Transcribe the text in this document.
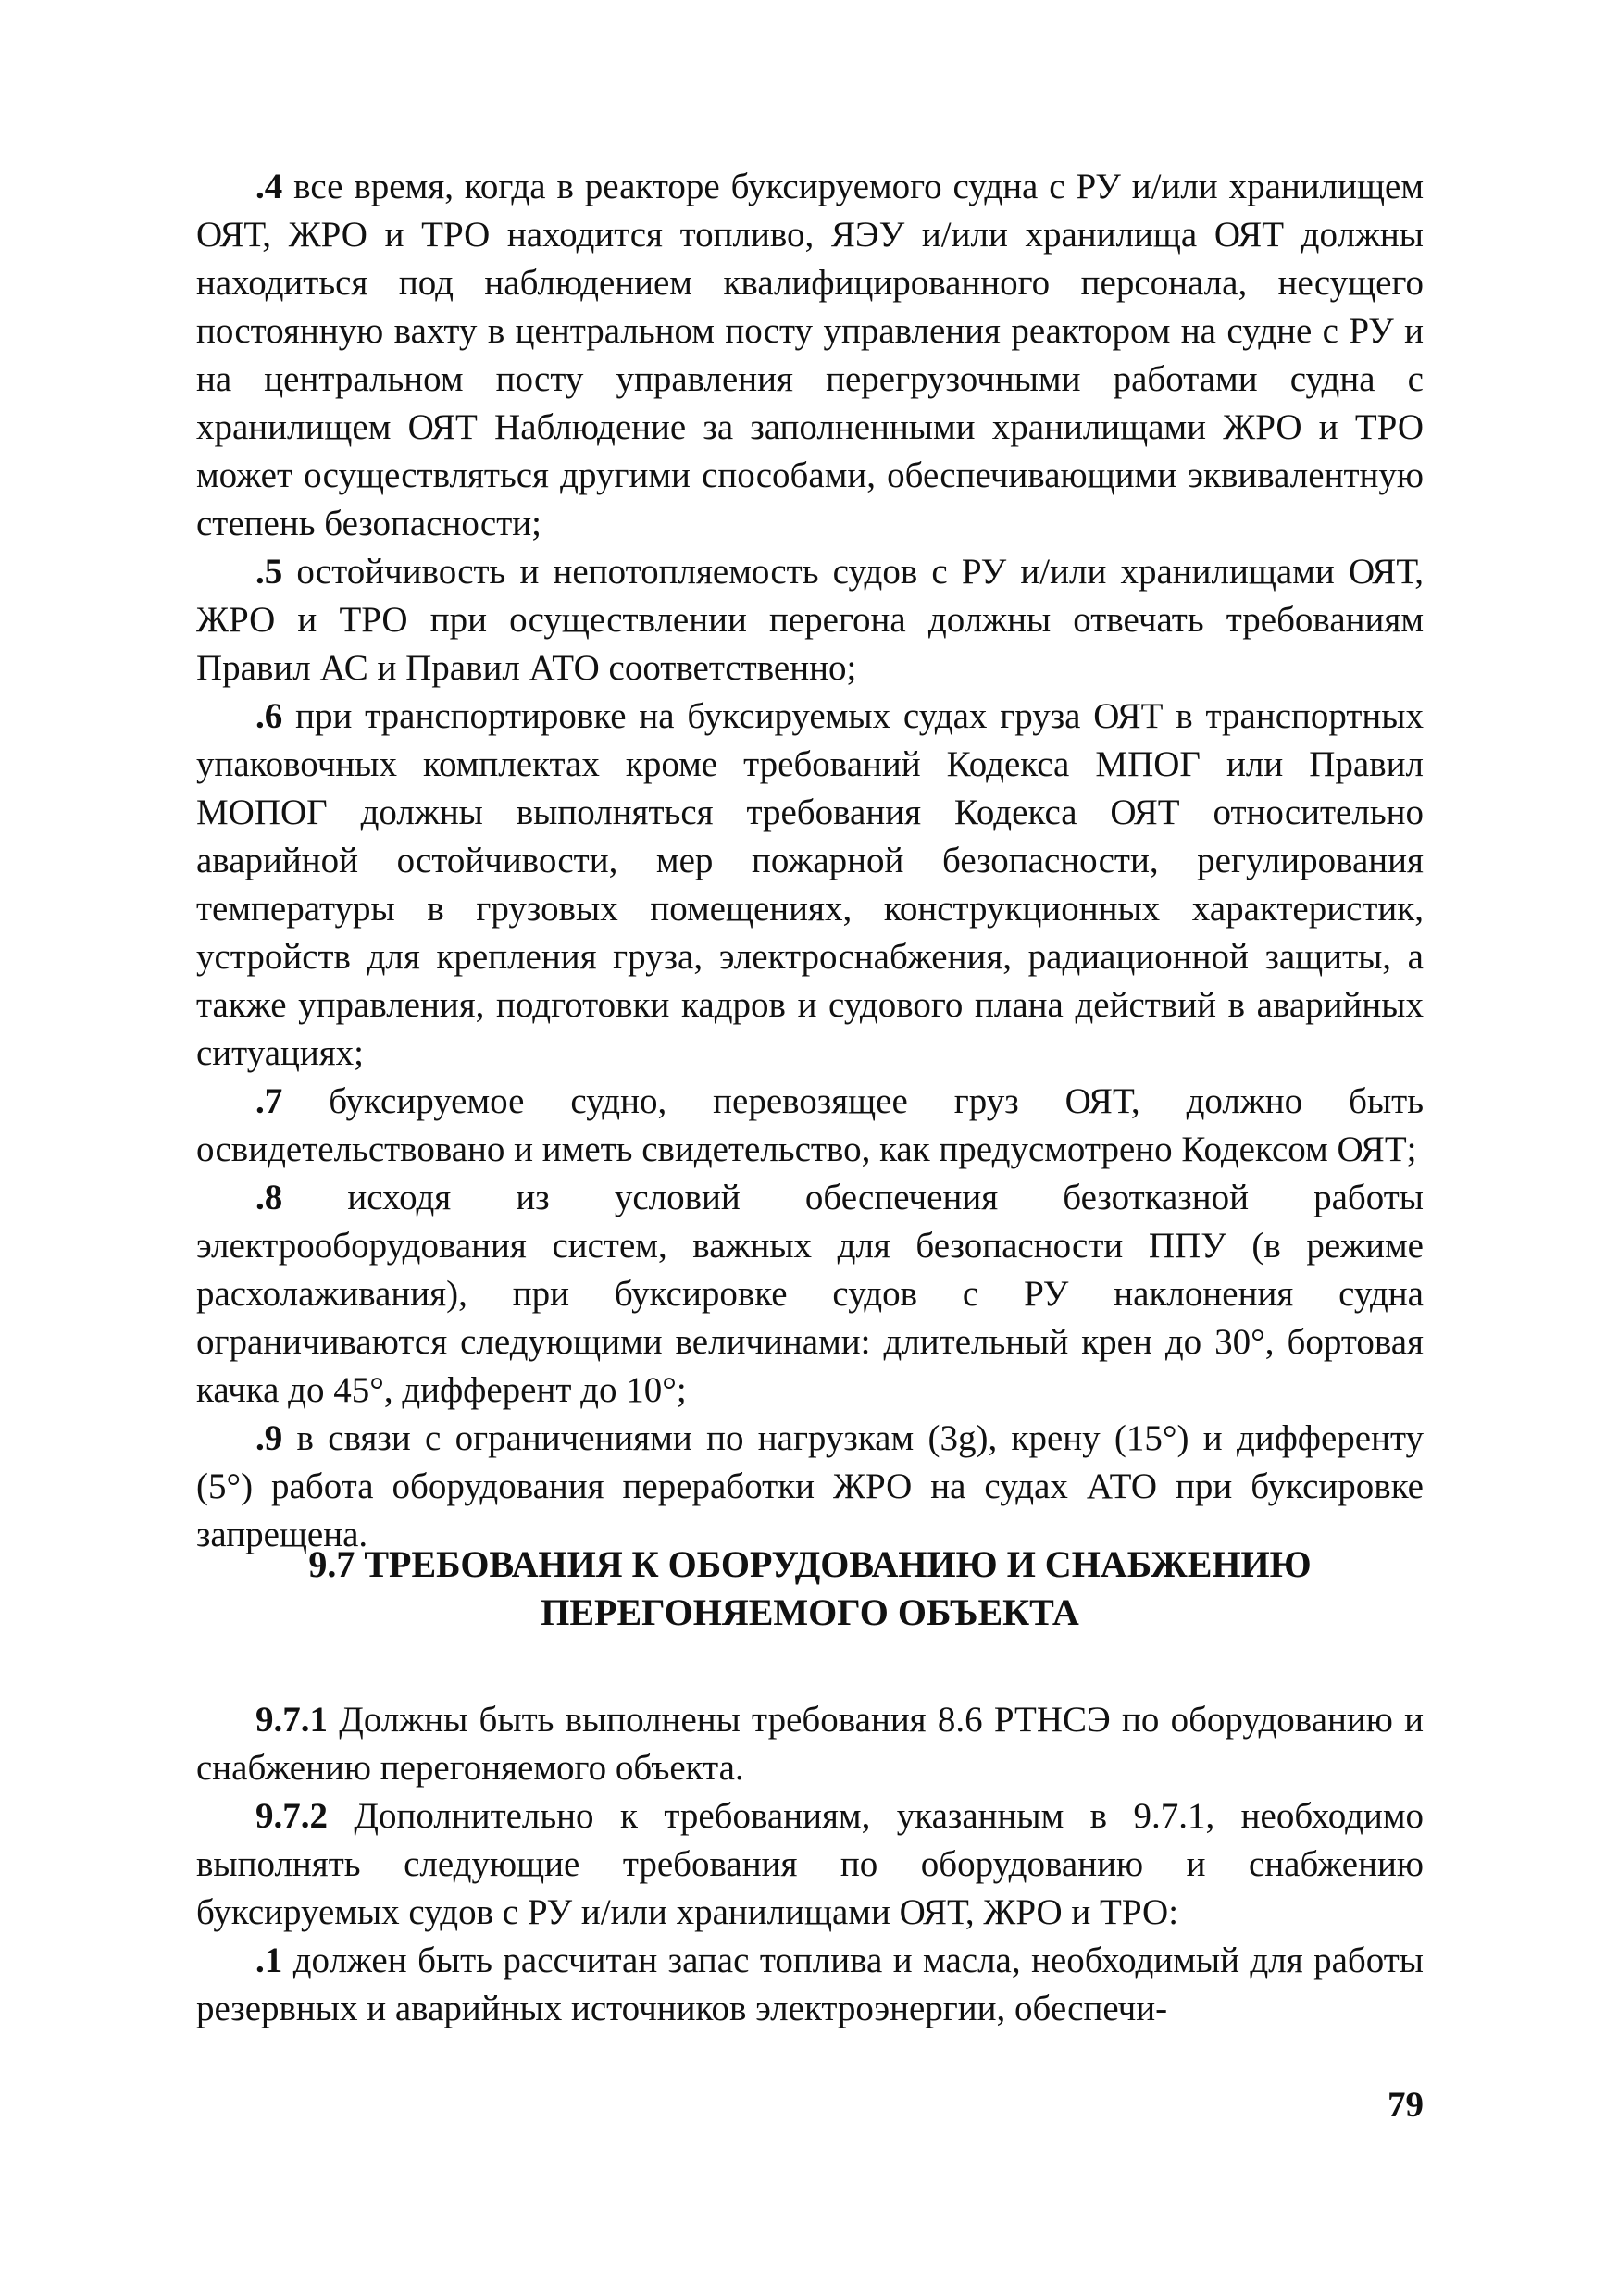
.4 все время, когда в реакторе буксируемого судна с РУ и/или хранилищем ОЯТ, ЖРО и ТРО находится топливо, ЯЭУ и/или хранилища ОЯТ должны находиться под наблюдением квалифицированного персонала, несущего постоянную вахту в центральном посту управления реактором на судне с РУ и на центральном посту управления перегрузочными работами судна с хранилищем ОЯТ Наблюдение за заполненными хранилищами ЖРО и ТРО может осуществляться другими способами, обеспечивающими эквивалентную степень безопасности;

.5 остойчивость и непотопляемость судов с РУ и/или хранилищами ОЯТ, ЖРО и ТРО при осуществлении перегона должны отвечать требованиям Правил АС и Правил АТО соответственно;

.6 при транспортировке на буксируемых судах груза ОЯТ в транспортных упаковочных комплектах кроме требований Кодекса МПОГ или Правил МОПОГ должны выполняться требования Кодекса ОЯТ относительно аварийной остойчивости, мер пожарной безопасности, регулирования температуры в грузовых помещениях, конструкционных характеристик, устройств для крепления груза, электроснабжения, радиационной защиты, а также управления, подготовки кадров и судового плана действий в аварийных ситуациях;

.7 буксируемое судно, перевозящее груз ОЯТ, должно быть освидетельствовано и иметь свидетельство, как предусмотрено Кодексом ОЯТ;

.8 исходя из условий обеспечения безотказной работы электрооборудования систем, важных для безопасности ППУ (в режиме расхолаживания), при буксировке судов с РУ наклонения судна ограничиваются следующими величинами: длительный крен до 30°, бортовая качка до 45°, дифферент до 10°;

.9 в связи с ограничениями по нагрузкам (3g), крену (15°) и дифференту (5°) работа оборудования переработки ЖРО на судах АТО при буксировке запрещена.

9.7 ТРЕБОВАНИЯ К ОБОРУДОВАНИЮ И СНАБЖЕНИЮ
ПЕРЕГОНЯЕМОГО ОБЪЕКТА

9.7.1 Должны быть выполнены требования 8.6 РТНСЭ по оборудованию и снабжению перегоняемого объекта.

9.7.2 Дополнительно к требованиям, указанным в 9.7.1, необходимо выполнять следующие требования по оборудованию и снабжению буксируемых судов с РУ и/или хранилищами ОЯТ, ЖРО и ТРО:

.1 должен быть рассчитан запас топлива и масла, необходимый для работы резервных и аварийных источников электроэнергии, обеспечи-

79
